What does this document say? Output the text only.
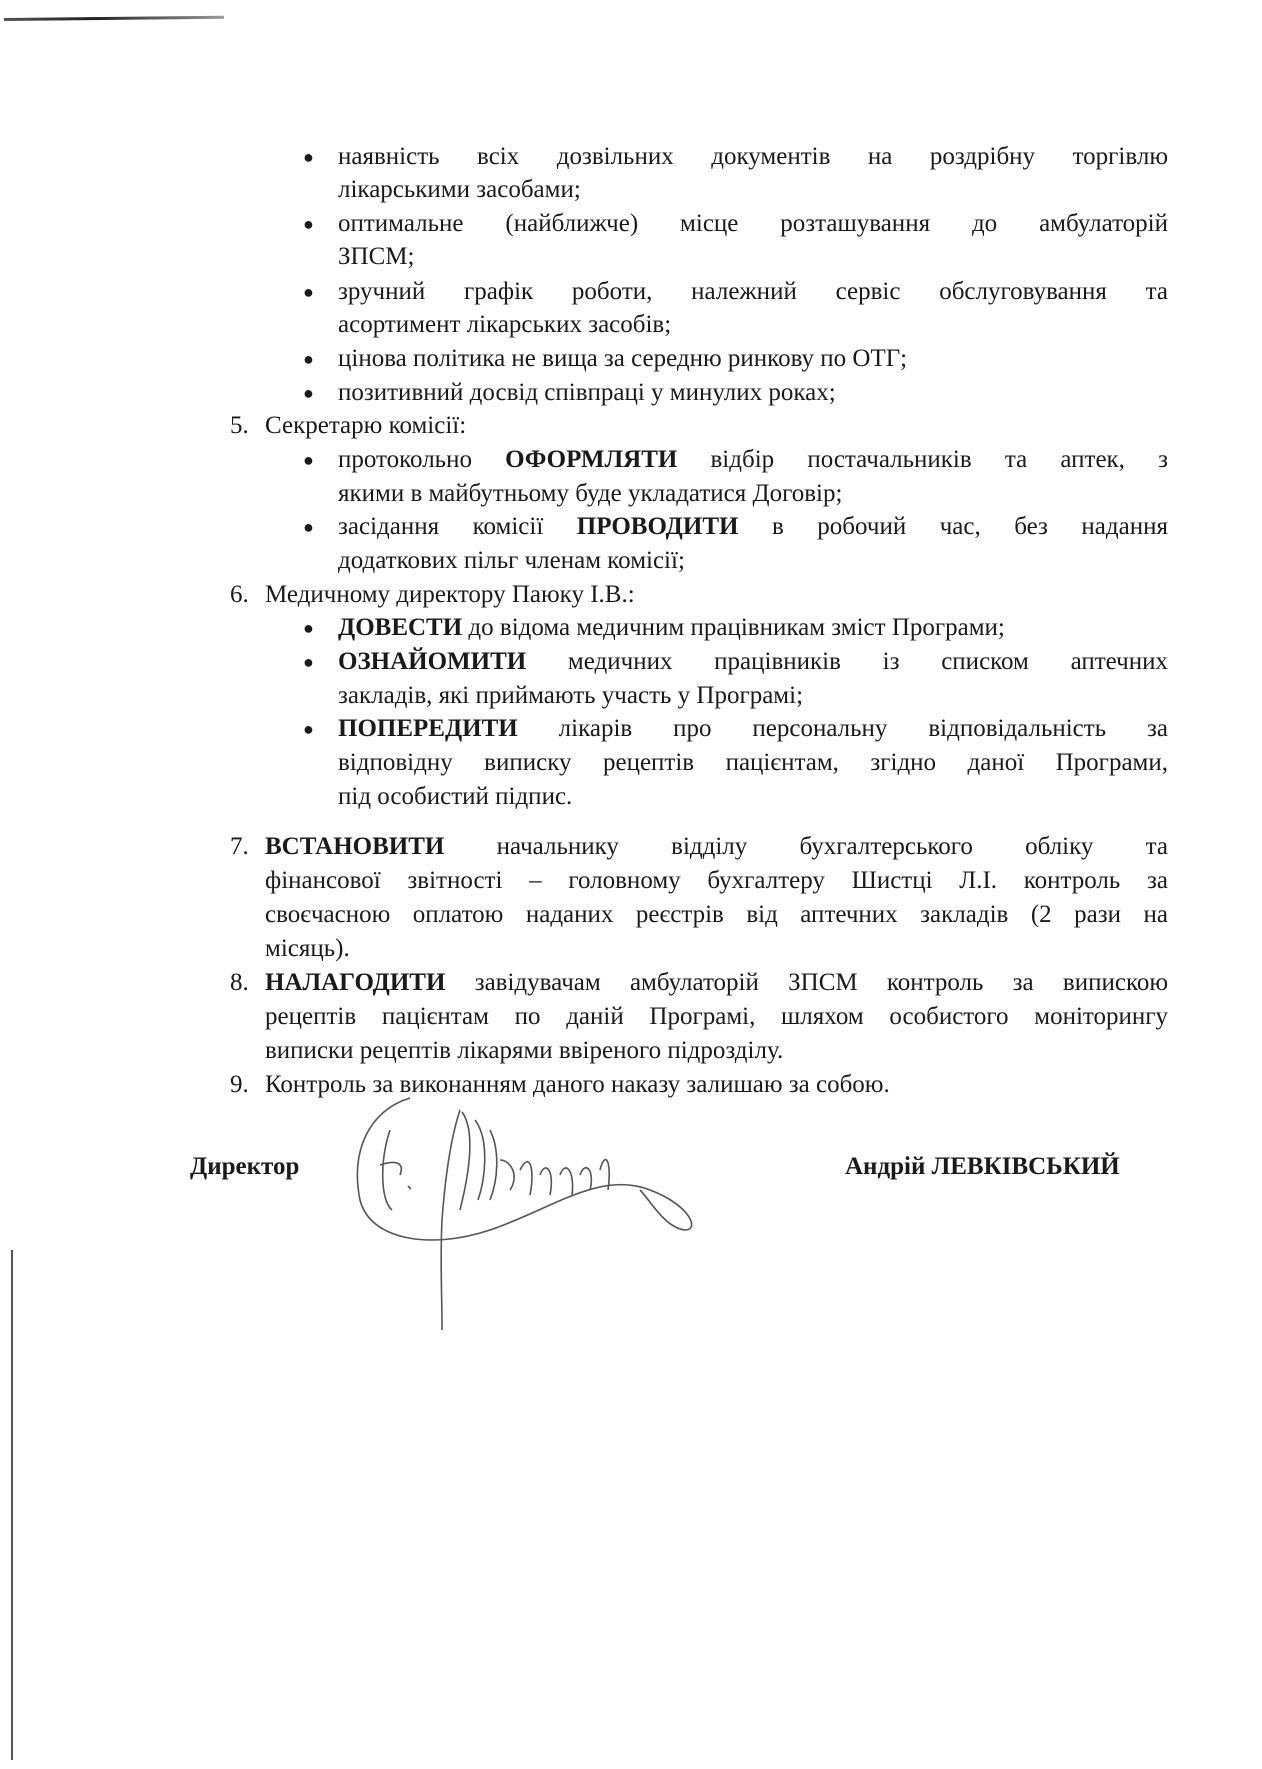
● наявність всіх дозвільних документів на роздрібну торгівлю
лікарськими засобами;
● оптимальне (найближче) місце розташування до амбулаторій
ЗПСМ;
● зручний графік роботи, належний сервіс обслуговування та
асортимент лікарських засобів;
● цінова політика не вища за середню ринкову по ОТГ;
● позитивний досвід співпраці у минулих роках;
5. Секретарю комісії:
● протокольно ОФОРМЛЯТИ відбір постачальників та аптек, з
якими в майбутньому буде укладатися Договір;
● засідання комісії ПРОВОДИТИ в робочий час, без надання
додаткових пільг членам комісії;
6. Медичному директору Паюку І.В.:
● ДОВЕСТИ до відома медичним працівникам зміст Програми;
● ОЗНАЙОМИТИ медичних працівників із списком аптечних
закладів, які приймають участь у Програмі;
● ПОПЕРЕДИТИ лікарів про персональну відповідальність за
відповідну виписку рецептів пацієнтам, згідно даної Програми,
під особистий підпис.
7. ВСТАНОВИТИ начальнику відділу бухгалтерського обліку та
фінансової звітності – головному бухгалтеру Шистці Л.І. контроль за
своєчасною оплатою наданих реєстрів від аптечних закладів (2 рази на
місяць).
8. НАЛАГОДИТИ завідувачам амбулаторій ЗПСМ контроль за випискою
рецептів пацієнтам по даній Програмі, шляхом особистого моніторингу
виписки рецептів лікарями ввіреного підрозділу.
9. Контроль за виконанням даного наказу залишаю за собою.
Директор	Андрій ЛЕВКІВСЬКИЙ
